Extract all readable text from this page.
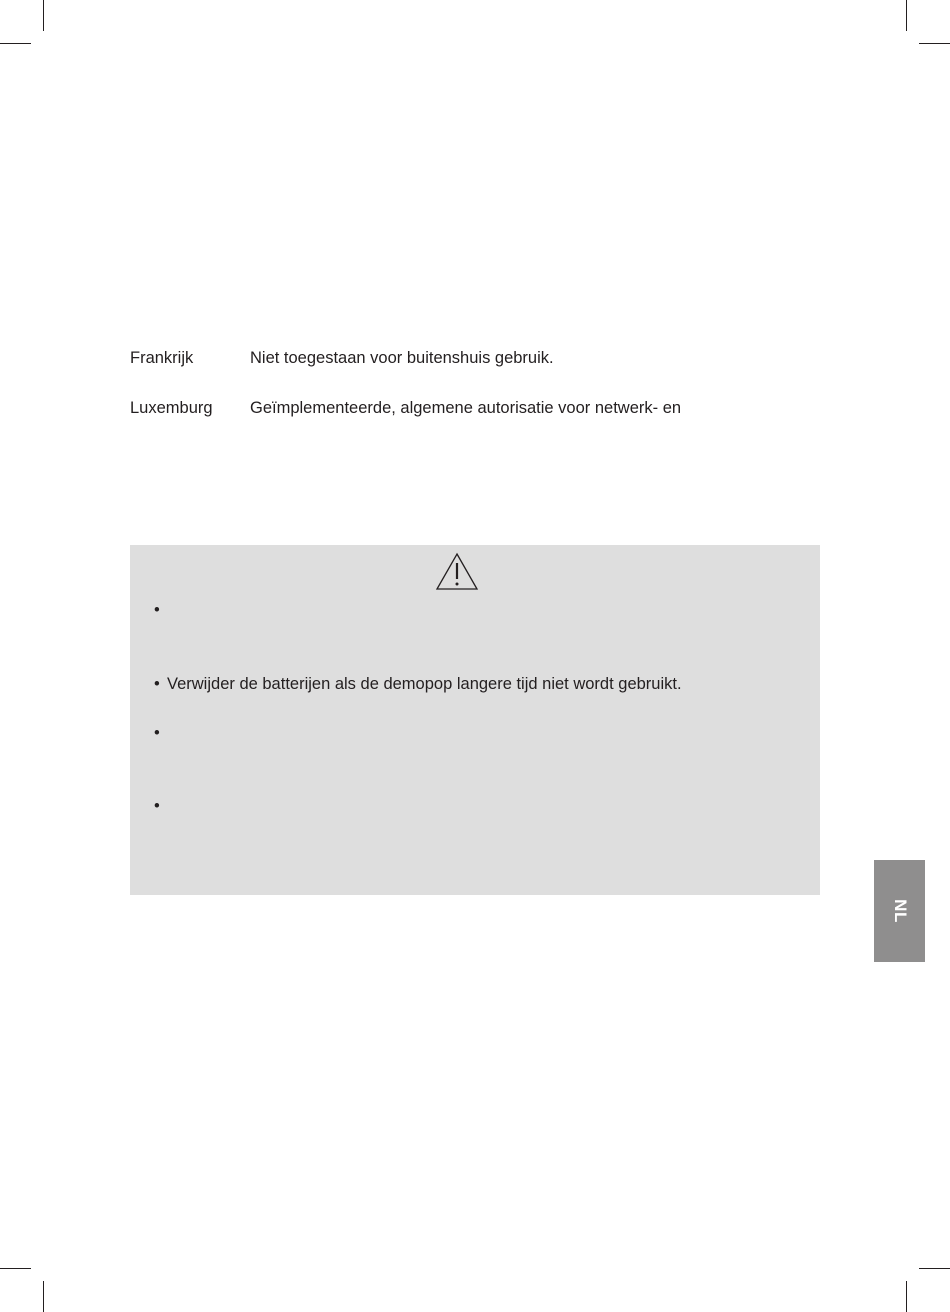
Frankrijk	Niet toegestaan voor buitenshuis gebruik.
Luxemburg Geïmplementeerde, algemene autorisatie voor netwerk- en
•
• Verwijder de batterijen als de demopop langere tijd niet wordt gebruikt.
•
•
NL
